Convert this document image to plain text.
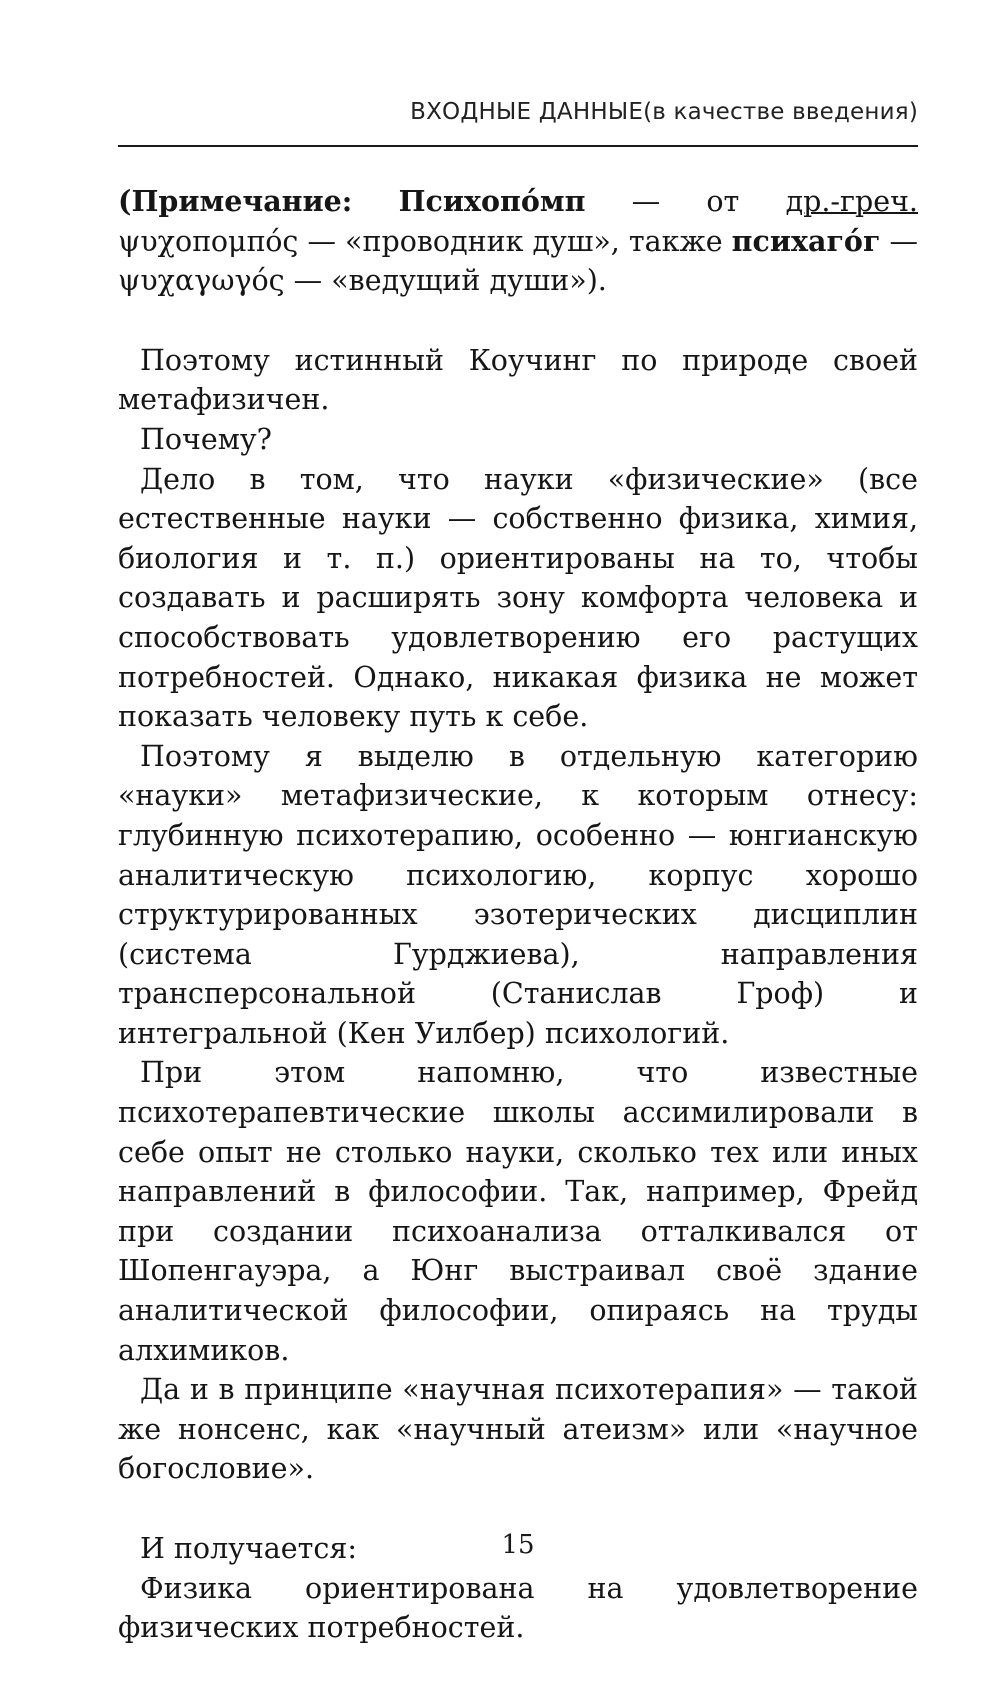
ВХОДНЫЕ ДАННЫЕ(в качестве введения)

(Примечание: Психопо́мп — от др.-греч. ψυχοπομπός — «проводник душ», также психаго́г — ψυχαγωγός — «ведущий души»).

Поэтому истинный Коучинг по природе своей метафизичен.

Почему?

Дело в том, что науки «физические» (все естественные науки — собственно физика, химия, биология и т. п.) ориентированы на то, чтобы создавать и расширять зону комфорта человека и способствовать удовлетворению его растущих потребностей. Однако, никакая физика не может показать человеку путь к себе.

Поэтому я выделю в отдельную категорию «науки» метафизические, к которым отнесу: глубинную психотерапию, особенно — юнгианскую аналитическую психологию, корпус хорошо структурированных эзотерических дисциплин (система Гурджиева), направления трансперсональной (Станислав Гроф) и интегральной (Кен Уилбер) психологий.

При этом напомню, что известные психотерапевтические школы ассимилировали в себе опыт не столько науки, сколько тех или иных направлений в философии. Так, например, Фрейд при создании психоанализа отталкивался от Шопенгауэра, а Юнг выстраивал своё здание аналитической философии, опираясь на труды алхимиков.

Да и в принципе «научная психотерапия» — такой же нонсенс, как «научный атеизм» или «научное богословие».

И получается:

Физика ориентирована на удовлетворение физических потребностей.

15
